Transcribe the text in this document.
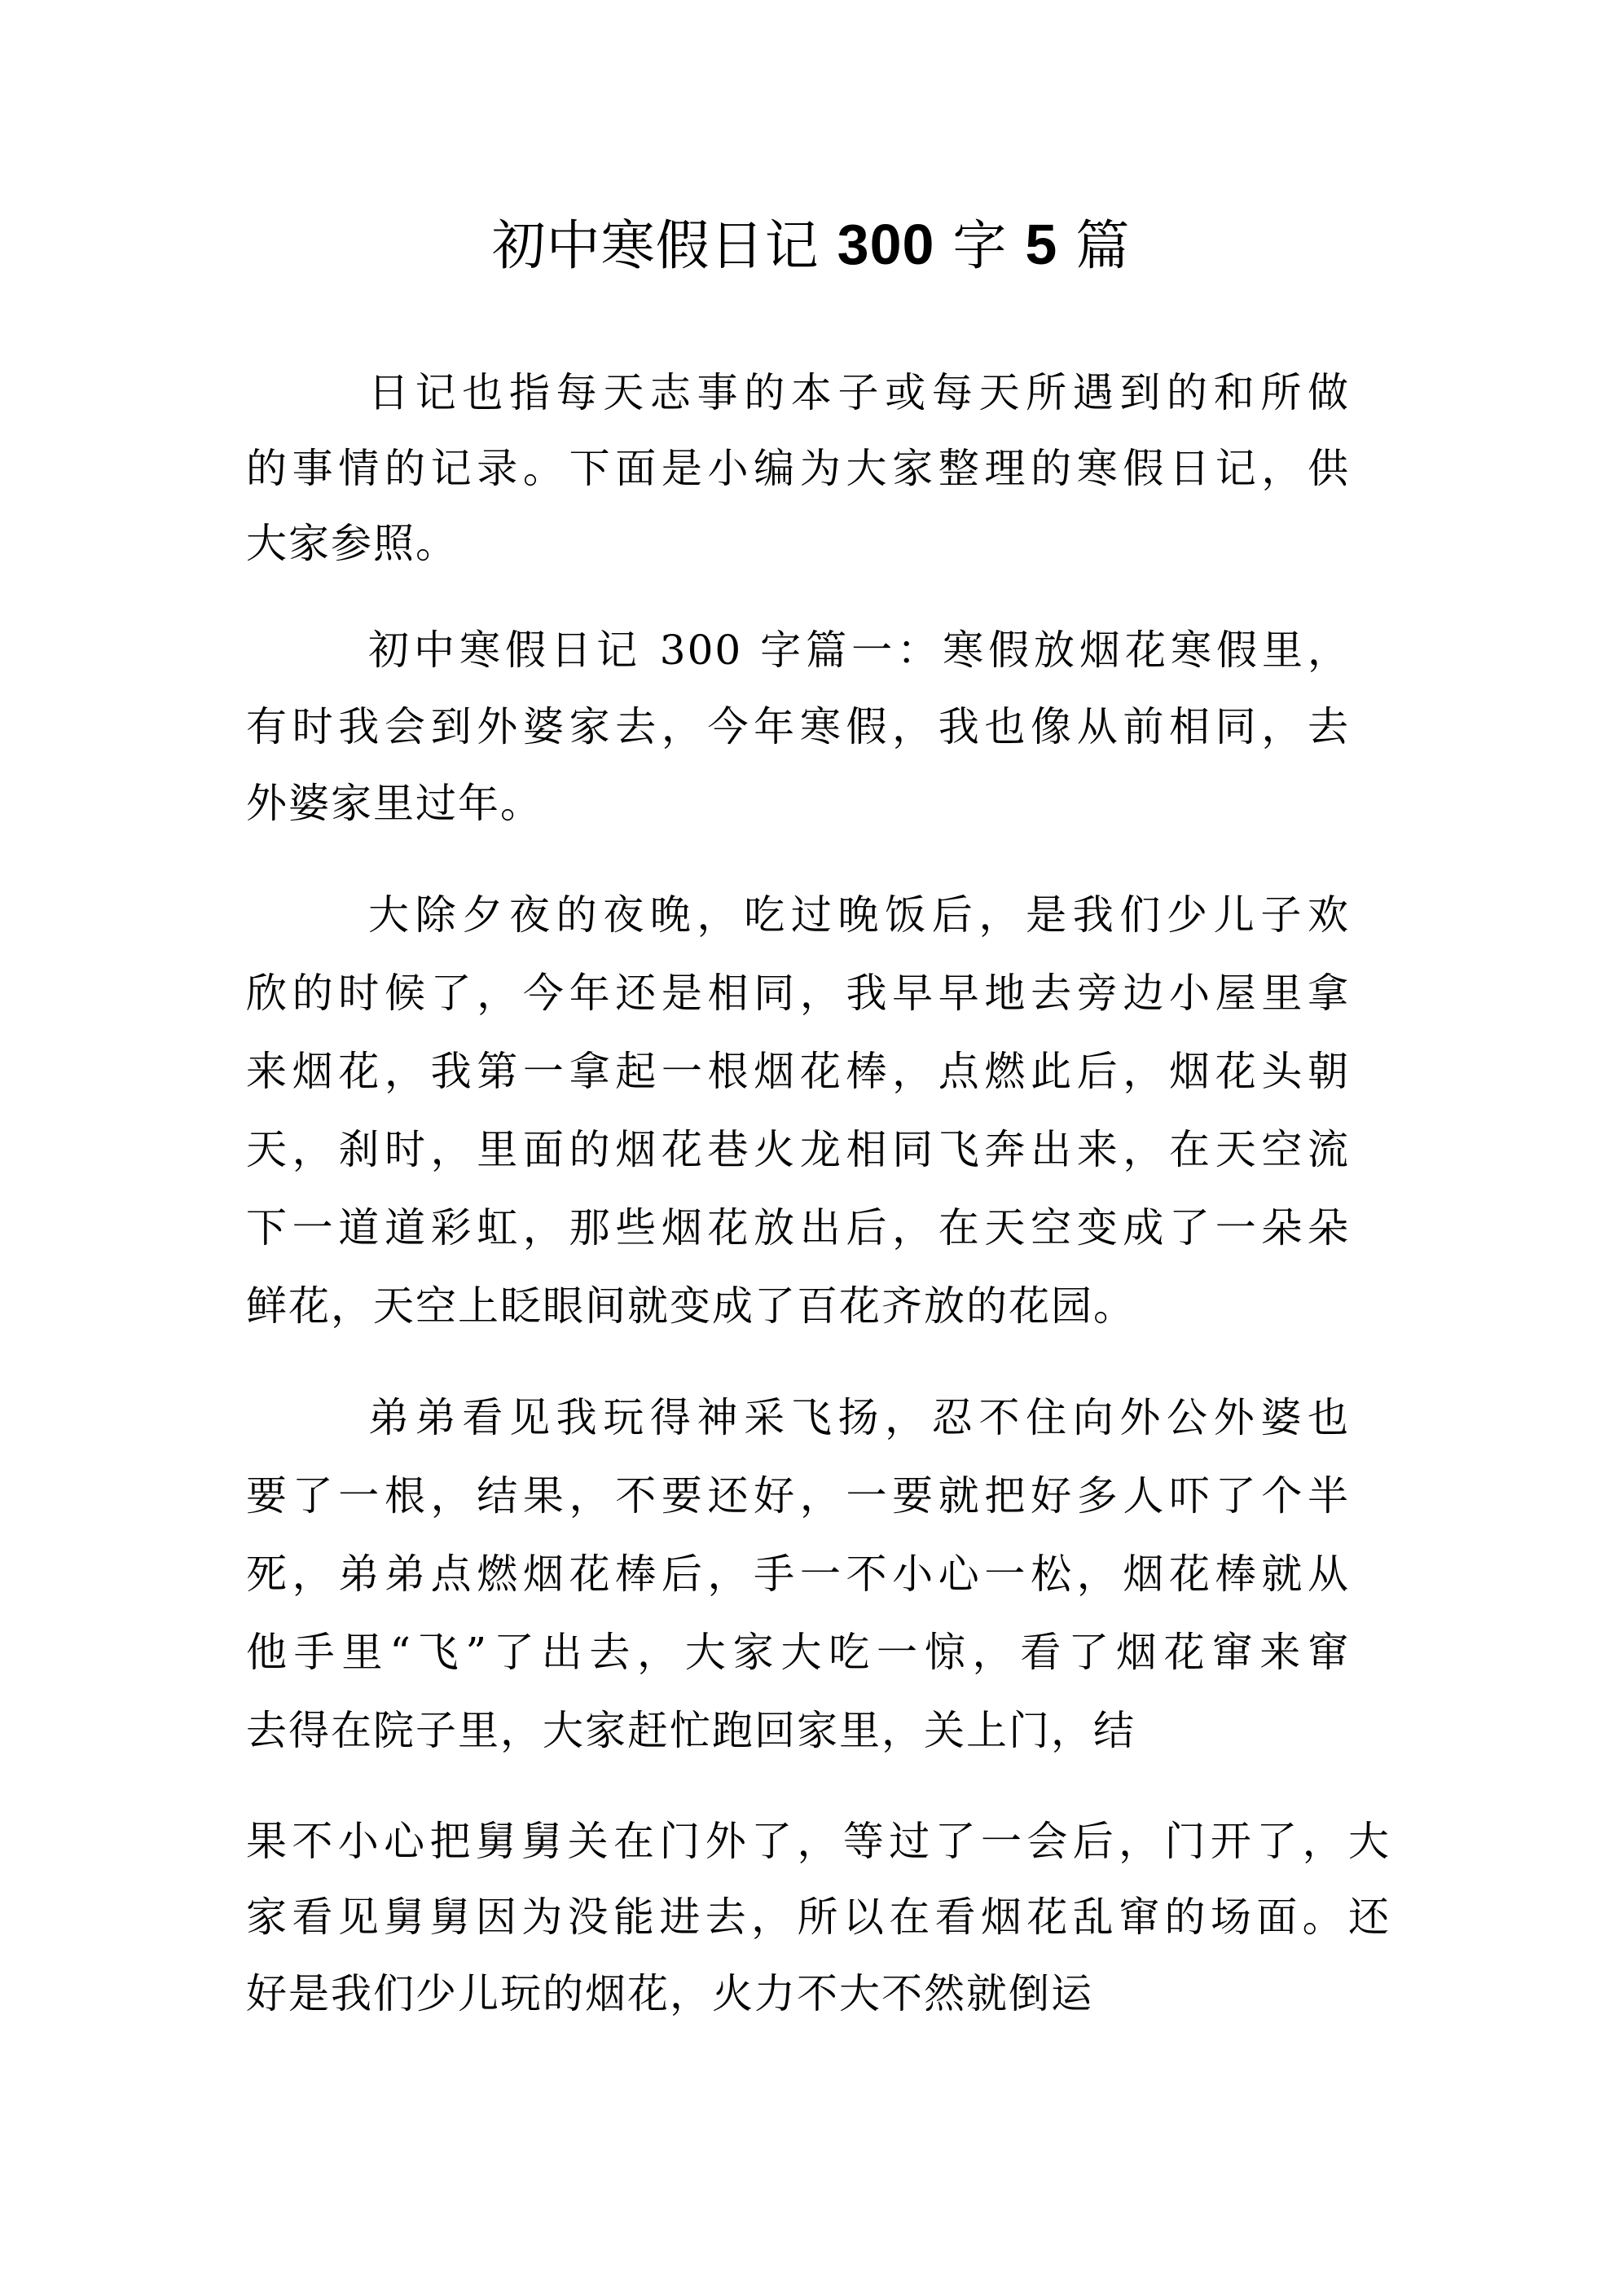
初中寒假日记 300 字 5 篇
日记也指每天志事的本子或每天所遇到的和所做
的事情的记录。下面是小编为大家整理的寒假日记，供
大家参照。
初中寒假日记 300 字篇一：寒假放烟花寒假里，
有时我会到外婆家去，今年寒假，我也像从前相同，去
外婆家里过年。
大除夕夜的夜晚，吃过晚饭后，是我们少儿子欢
欣的时候了，今年还是相同，我早早地去旁边小屋里拿
来烟花，我第一拿起一根烟花棒，点燃此后，烟花头朝
天，刹时，里面的烟花巷火龙相同飞奔出来，在天空流
下一道道彩虹，那些烟花放出后，在天空变成了一朵朵
鲜花，天空上眨眼间就变成了百花齐放的花园。
弟弟看见我玩得神采飞扬，忍不住向外公外婆也
要了一根，结果，不要还好，一要就把好多人吓了个半
死，弟弟点燃烟花棒后，手一不小心一松，烟花棒就从
他手里“飞”了出去，大家大吃一惊，看了烟花窜来窜
去得在院子里，大家赶忙跑回家里，关上门，结
果不小心把舅舅关在门外了，等过了一会后，门开了，大
家看见舅舅因为没能进去，所以在看烟花乱窜的场面。还
好是我们少儿玩的烟花，火力不大不然就倒运
